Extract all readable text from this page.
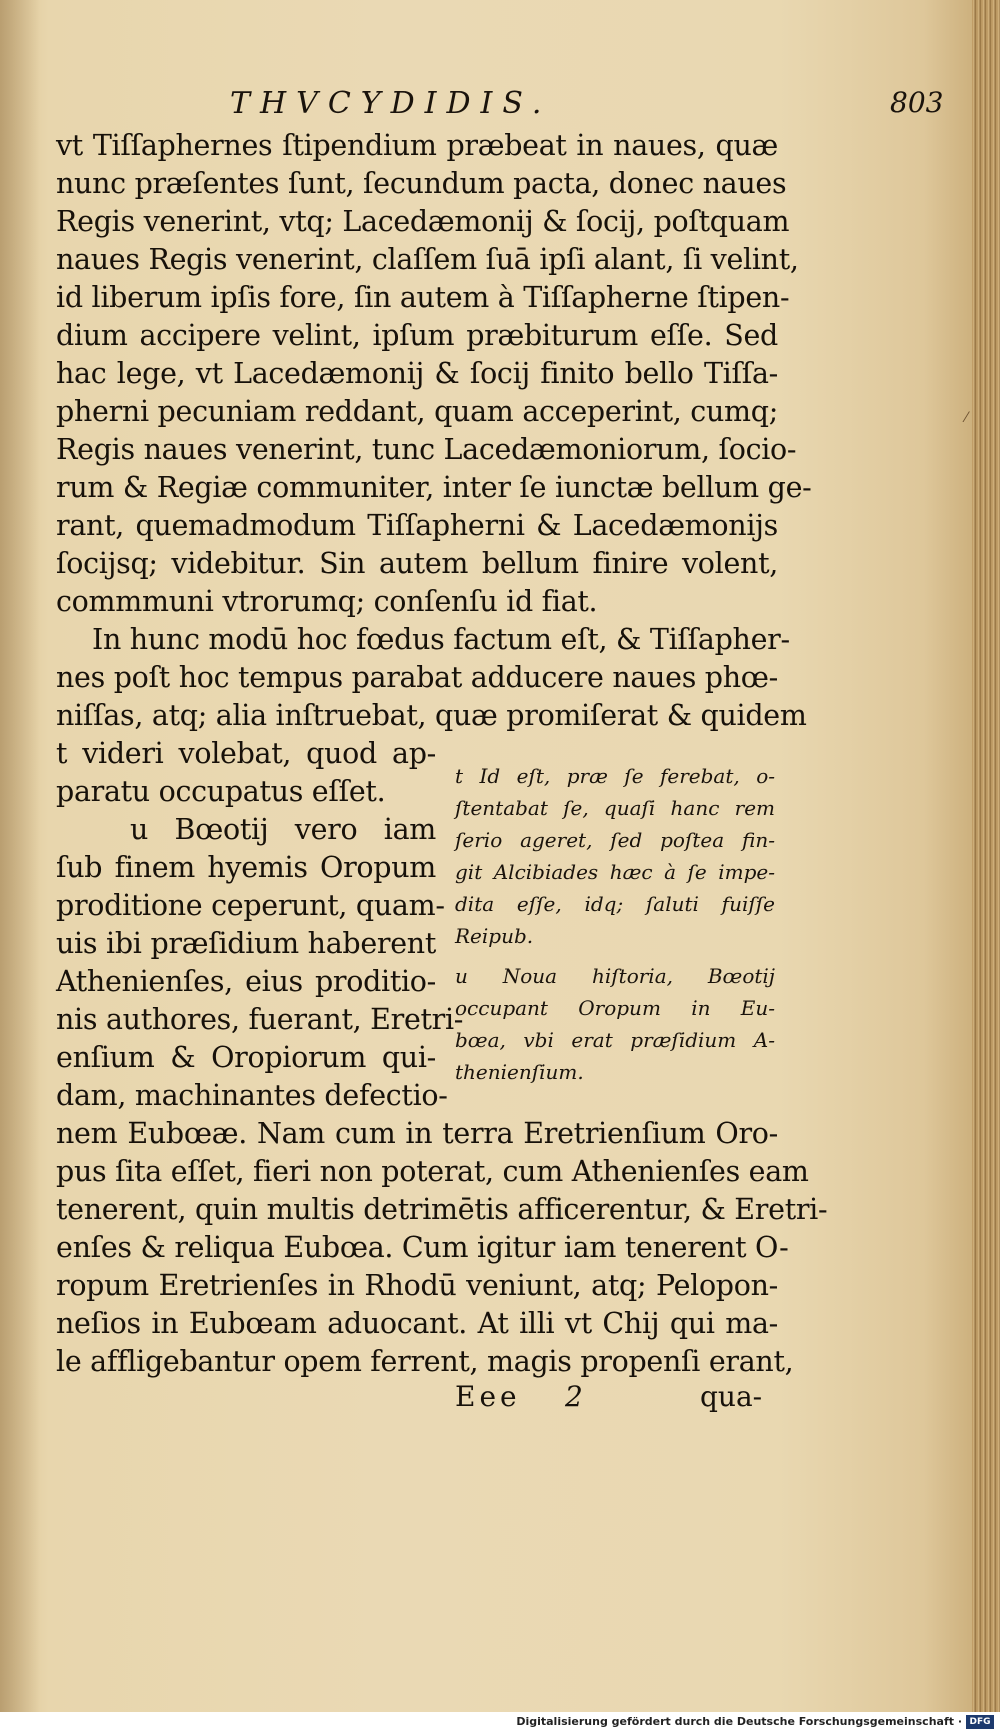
THVCYDIDIS.	803
vt Tiſſaphernes ſtipendium præbeat in naues, quæ
nunc præſentes ſunt, ſecundum pacta, donec naues
Regis venerint, vtq; Lacedæmonij & ſocij, poſtquam
naues Regis venerint, claſſem ſuā ipſi alant, ſi velint,
id liberum ipſis fore, ſin autem à Tiſſapherne ſtipen-
dium accipere velint, ipſum præbiturum eſſe. Sed
hac lege, vt Lacedæmonij & ſocij finito bello Tiſſa-
pherni pecuniam reddant, quam acceperint, cumq;
Regis naues venerint, tunc Lacedæmoniorum, ſocio-
rum & Regiæ communiter, inter ſe iunctæ bellum ge-
rant, quemadmodum Tiſſapherni & Lacedæmonijs
ſocijsq; videbitur. Sin autem bellum finire volent,
commmuni vtrorumq; conſenſu id fiat.
In hunc modū hoc fœdus factum eſt, & Tiſſapher-
nes poſt hoc tempus parabat adducere naues phœ-
niſſas, atq; alia inſtruebat, quæ promiſerat & quidem
t videri volebat, quod ap-
paratu occupatus eſſet.
u Bœotij vero iam
ſub finem hyemis Oropum
proditione ceperunt, quam-
uis ibi præſidium haberent
Athenienſes, eius proditio-
nis authores, fuerant, Eretri-
enſium & Oropiorum qui-
dam, machinantes defectio-
nem Eubœæ. Nam cum in terra Eretrienſium Oro-
pus ſita eſſet, fieri non poterat, cum Athenienſes eam
tenerent, quin multis detrimētis afficerentur, & Eretri-
enſes & reliqua Eubœa. Cum igitur iam tenerent O-
ropum Eretrienſes in Rhodū veniunt, atq; Pelopon-
neſios in Eubœam aduocant. At illi vt Chij qui ma-
le affligebantur opem ferrent, magis propenſi erant,
t Id eſt, præ ſe ferebat, o-
ſtentabat ſe, quaſi hanc rem
ſerio ageret, ſed poſtea fin-
git Alcibiades hæc à ſe impe-
dita eſſe, idq; ſaluti fuiſſe
Reipub.
u Noua hiſtoria, Bœotij
occupant Oropum in Eu-
bœa, vbi erat præſidium A-
thenienſium.
Eee 2	qua-
⁄
Digitalisierung gefördert durch die Deutsche Forschungsgemeinschaft · DFG
